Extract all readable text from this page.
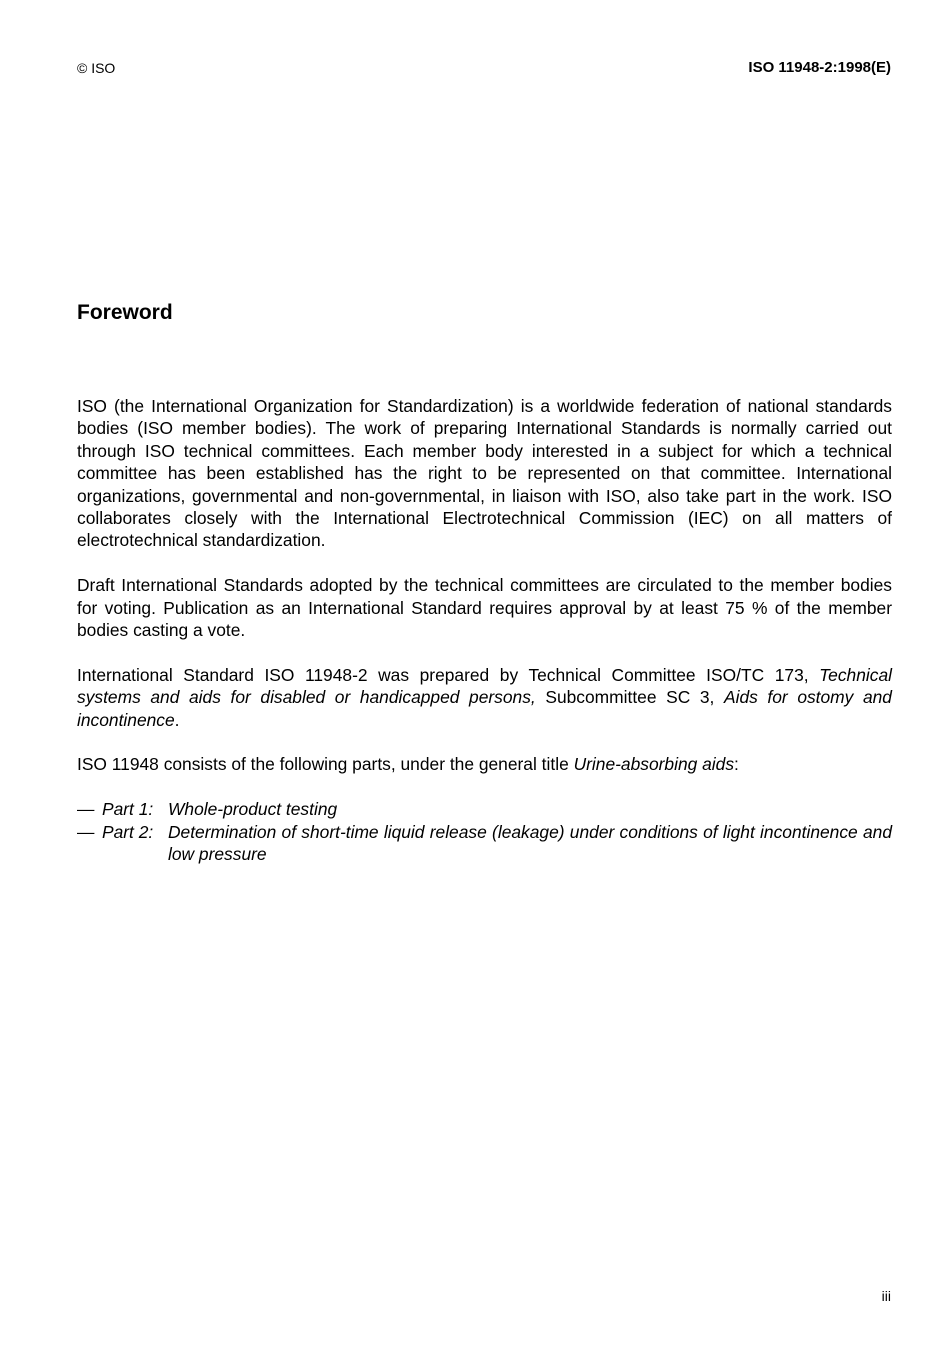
© ISO	ISO 11948-2:1998(E)
Foreword

ISO (the International Organization for Standardization) is a worldwide federation of national standards bodies (ISO member bodies). The work of preparing International Standards is normally carried out through ISO technical committees. Each member body interested in a subject for which a technical committee has been established has the right to be represented on that committee. International organizations, governmental and non-governmental, in liaison with ISO, also take part in the work. ISO collaborates closely with the International Electrotechnical Commission (IEC) on all matters of electrotechnical standardization.

Draft International Standards adopted by the technical committees are circulated to the member bodies for voting. Publication as an International Standard requires approval by at least 75 % of the member bodies casting a vote.

International Standard ISO 11948-2 was prepared by Technical Committee ISO/TC 173, Technical systems and aids for disabled or handicapped persons, Subcommittee SC 3, Aids for ostomy and incontinence.

ISO 11948 consists of the following parts, under the general title Urine-absorbing aids:

— Part 1: Whole-product testing
— Part 2: Determination of short-time liquid release (leakage) under conditions of light incontinence and low pressure
iii
